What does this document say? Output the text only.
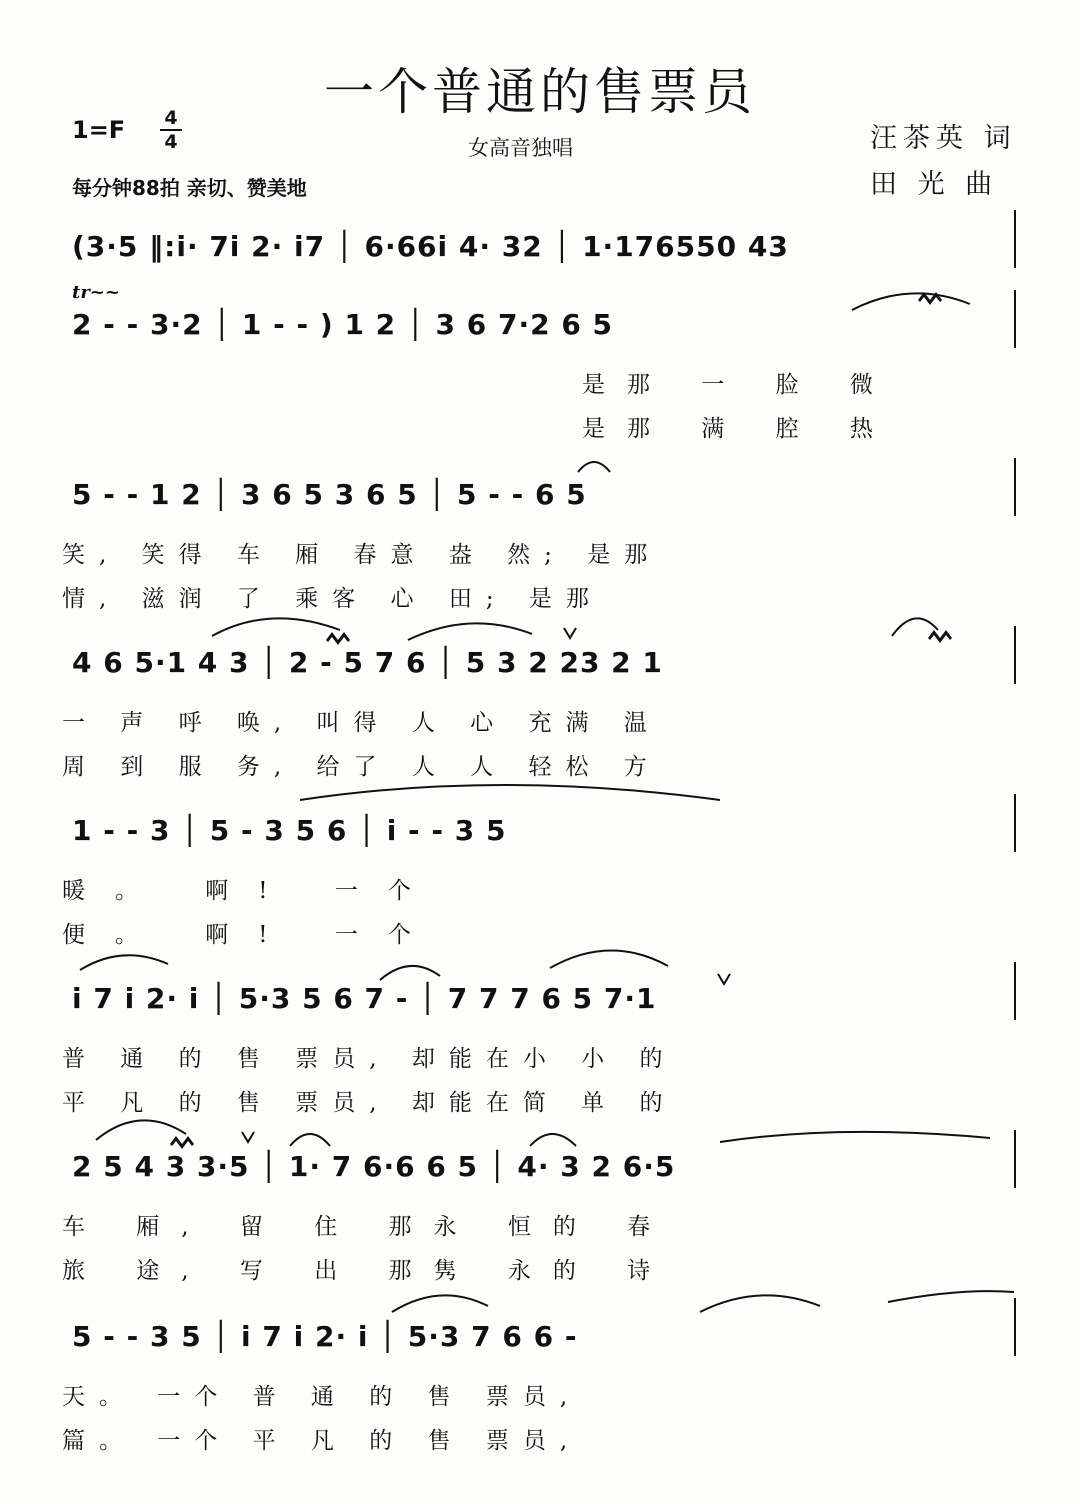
一个普通的售票员
1=F 4
4	女高音独唱
每分钟88拍 亲切、赞美地
汪茶英 词
田 光 曲
tr~~
(3·5 ‖:i· 7i 2· i7 │ 6·66i 4· 32 │ 1·176550 43
2 - - 3·2 │ 1 - - ) 1 2 │ 3 6 7·2 6 5
是那 一 脸 微
是那 满 腔 热
5 - - 1 2 │ 3 6 5 3 6 5 │ 5 - - 6 5
笑, 笑得 车 厢 春意 盎 然; 是那
情, 滋润 了 乘客 心 田; 是那
4 6 5·1 4 3 │ 2 - 5 7 6 │ 5 3 2 23 2 1
一 声 呼 唤, 叫得 人 心 充满 温
周 到 服 务, 给了 人 人 轻松 方
1 - - 3 │ 5 - 3 5 6 │ i - - 3 5
暖。 啊! 一个
便。 啊! 一个
i 7 i 2· i │ 5·3 5 6 7 - │ 7 7 7 6 5 7·1
普 通 的 售 票员, 却能在小 小 的
平 凡 的 售 票员, 却能在简 单 的
2 5 4 3 3·5 │ 1· 7 6·6 6 5 │ 4· 3 2 6·5
车 厢, 留 住 那永 恒的 春
旅 途, 写 出 那隽 永的 诗
5 - - 3 5 │ i 7 i 2· i │ 5·3 7 6 6 -
天。 一个 普 通 的 售 票员,
篇。 一个 平 凡 的 售 票员,
